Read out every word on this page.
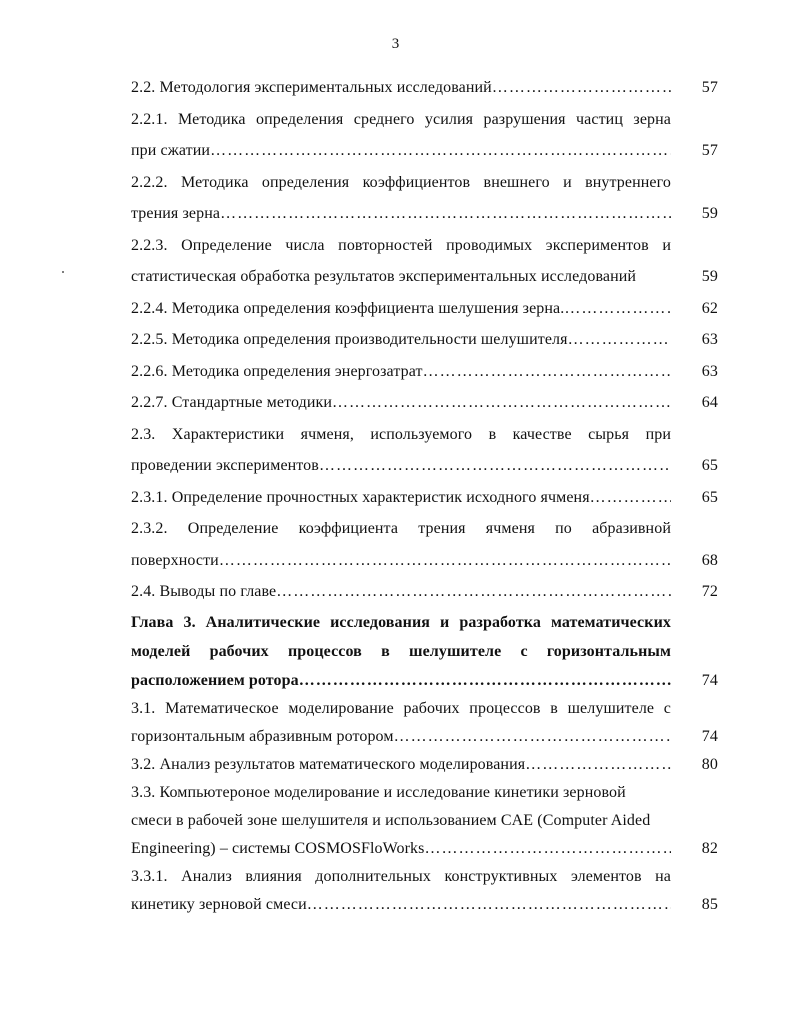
3
2.2. Методология экспериментальных исследований ……………………………………………………………………………………………………………………………………………………	57
2.2.1. Методика определения среднего усилия разрушения частиц зерна
при сжатии ……………………………………………………………………………………………………………………………………………………	57
2.2.2. Методика определения коэффициентов внешнего и внутреннего
трения зерна ……………………………………………………………………………………………………………………………………………………	59
2.2.3. Определение числа повторностей проводимых экспериментов и
статистическая обработка результатов экспериментальных исследований	59
2.2.4. Методика определения коэффициента шелушения зерна. ……………………………………………………………………………………………………………………………………………………	62
2.2.5. Методика определения производительности шелушителя ……………………………………………………………………………………………………………………………………………………	63
2.2.6. Методика определения энергозатрат ……………………………………………………………………………………………………………………………………………………	63
2.2.7. Стандартные методики ……………………………………………………………………………………………………………………………………………………	64
2.3. Характеристики ячменя, используемого в качестве сырья при
проведении экспериментов ……………………………………………………………………………………………………………………………………………………	65
2.3.1. Определение прочностных характеристик исходного ячменя ……………………………………………………………………………………………………………………………………………………	65
2.3.2. Определение коэффициента трения ячменя по абразивной
поверхности ……………………………………………………………………………………………………………………………………………………	68
2.4. Выводы по главе ……………………………………………………………………………………………………………………………………………………	72
Глава 3. Аналитические исследования и разработка математических
моделей рабочих процессов в шелушителе с горизонтальным
расположением ротора ……………………………………………………………………………………………………………………………………………………	74
3.1. Математическое моделирование рабочих процессов в шелушителе с
горизонтальным абразивным ротором ……………………………………………………………………………………………………………………………………………………	74
3.2. Анализ результатов математического моделирования ……………………………………………………………………………………………………………………………………………………	80
3.3. Компьютероное моделирование и исследование кинетики зерновой
смеси в рабочей зоне шелушителя и использованием CAE (Computer Aided
Engineering) – системы COSMOSFloWorks ……………………………………………………………………………………………………………………………………………………	82
3.3.1. Анализ влияния дополнительных конструктивных элементов на
кинетику зерновой смеси ……………………………………………………………………………………………………………………………………………………	85
